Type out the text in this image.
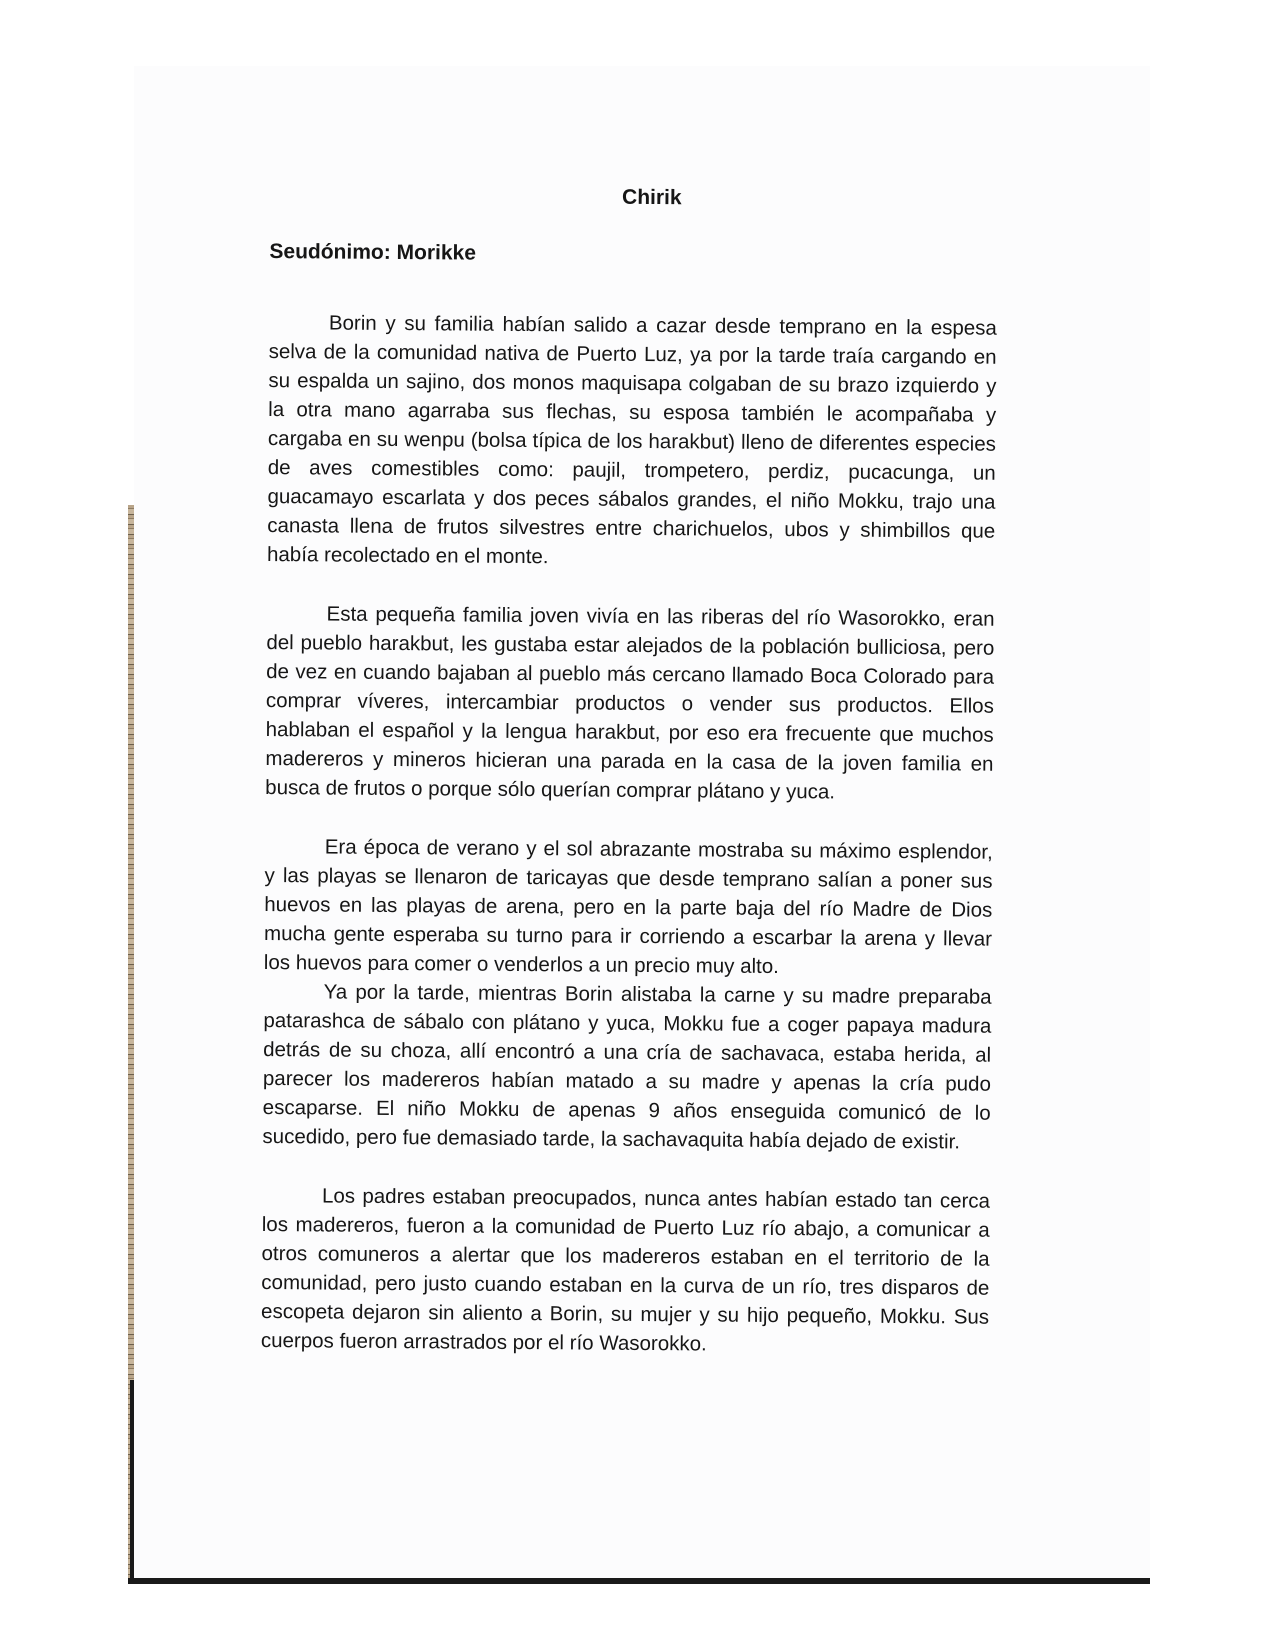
Chirik
Seudónimo: Morikke

Borin y su familia habían salido a cazar desde temprano en la espesa selva de la comunidad nativa de Puerto Luz, ya por la tarde traía cargando en su espalda un sajino, dos monos maquisapa colgaban de su brazo izquierdo y la otra mano agarraba sus flechas, su esposa también le acompañaba y cargaba en su wenpu (bolsa típica de los harakbut) lleno de diferentes especies de aves comestibles como: paujil, trompetero, perdiz, pucacunga, un guacamayo escarlata y dos peces sábalos grandes, el niño Mokku, trajo una canasta llena de frutos silvestres entre charichuelos, ubos y shimbillos que había recolectado en el monte.

Esta pequeña familia joven vivía en las riberas del río Wasorokko, eran del pueblo harakbut, les gustaba estar alejados de la población bulliciosa, pero de vez en cuando bajaban al pueblo más cercano llamado Boca Colorado para comprar víveres, intercambiar productos o vender sus productos. Ellos hablaban el español y la lengua harakbut, por eso era frecuente que muchos madereros y mineros hicieran una parada en la casa de la joven familia en busca de frutos o porque sólo querían comprar plátano y yuca.

Era época de verano y el sol abrazante mostraba su máximo esplendor, y las playas se llenaron de taricayas que desde temprano salían a poner sus huevos en las playas de arena, pero en la parte baja del río Madre de Dios mucha gente esperaba su turno para ir corriendo a escarbar la arena y llevar los huevos para comer o venderlos a un precio muy alto.

Ya por la tarde, mientras Borin alistaba la carne y su madre preparaba patarashca de sábalo con plátano y yuca, Mokku fue a coger papaya madura detrás de su choza, allí encontró a una cría de sachavaca, estaba herida, al parecer los madereros habían matado a su madre y apenas la cría pudo escaparse. El niño Mokku de apenas 9 años enseguida comunicó de lo sucedido, pero fue demasiado tarde, la sachavaquita había dejado de existir.

Los padres estaban preocupados, nunca antes habían estado tan cerca los madereros, fueron a la comunidad de Puerto Luz río abajo, a comunicar a otros comuneros a alertar que los madereros estaban en el territorio de la comunidad, pero justo cuando estaban en la curva de un río, tres disparos de escopeta dejaron sin aliento a Borin, su mujer y su hijo pequeño, Mokku. Sus cuerpos fueron arrastrados por el río Wasorokko.
